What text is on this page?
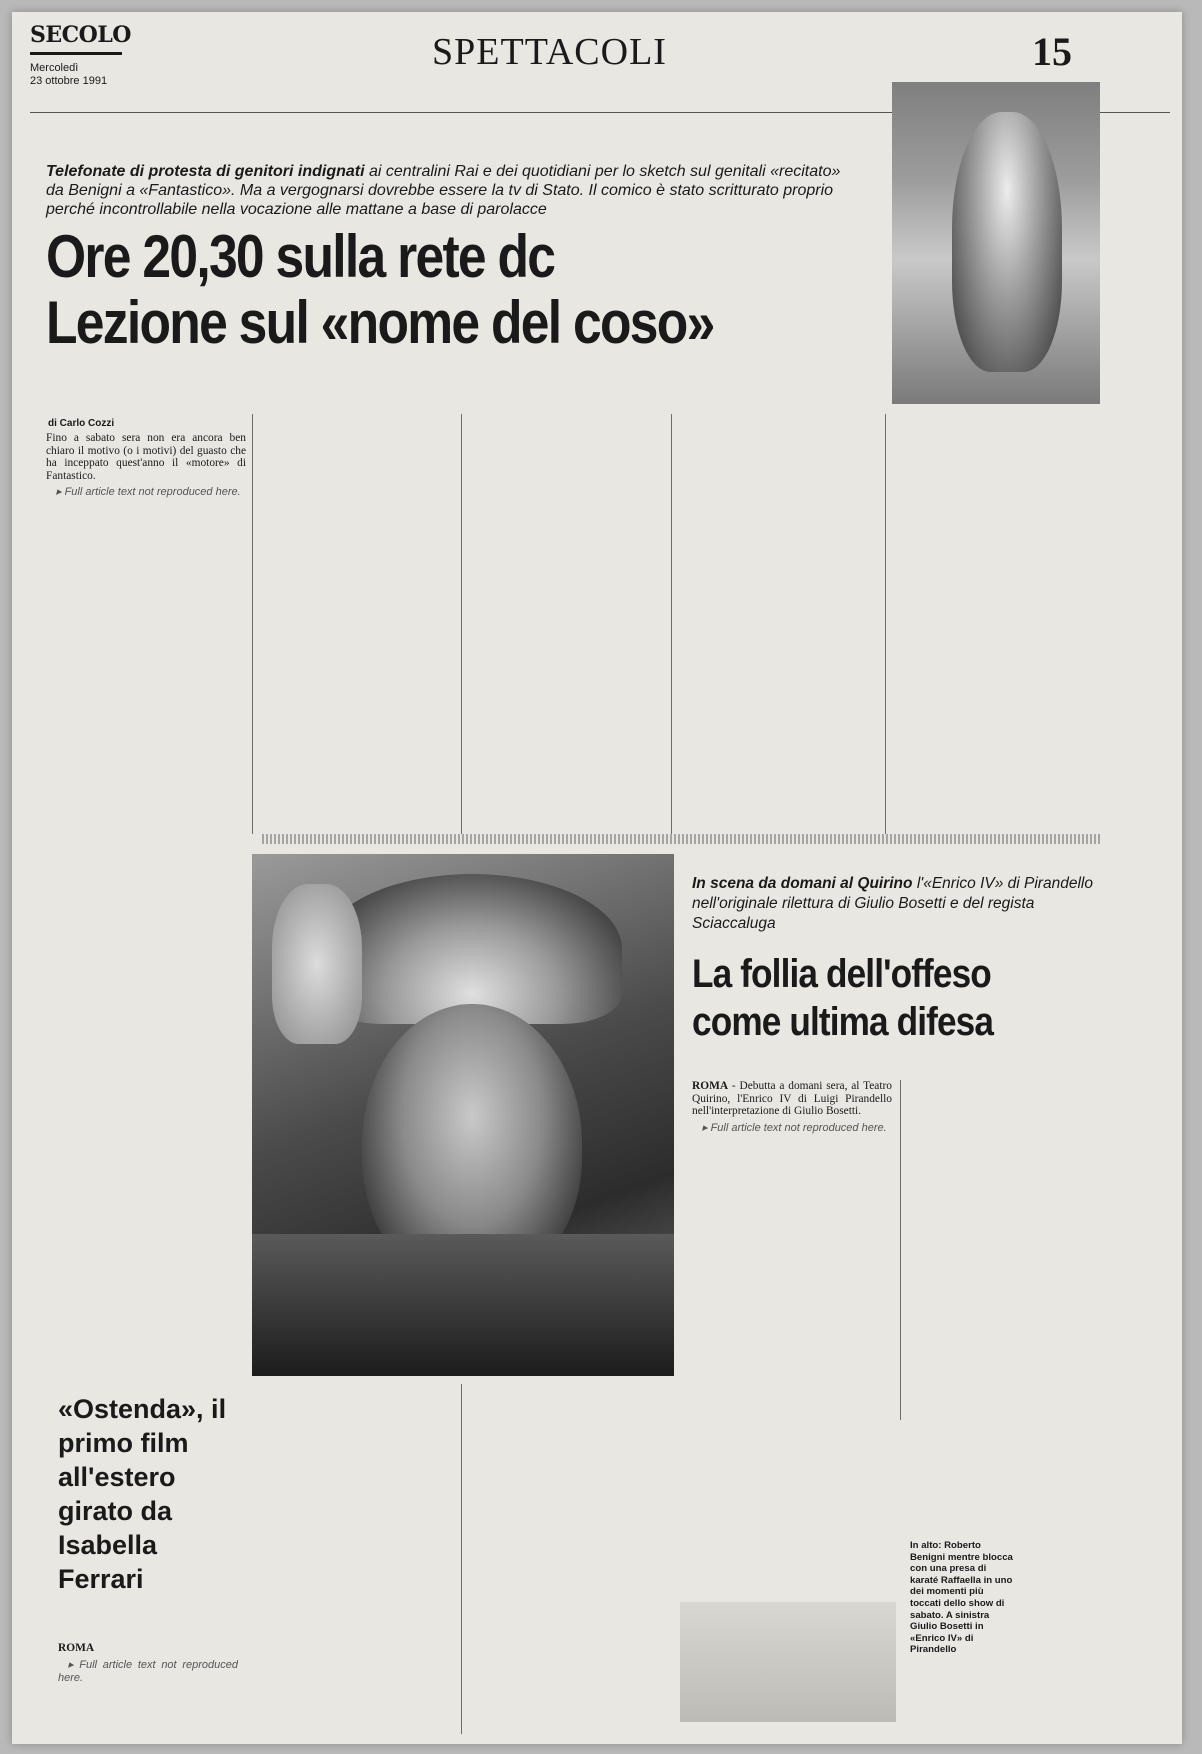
SECOLO
Mercoledì
23 ottobre 1991
SPETTACOLI	15
Telefonate di protesta di genitori indignati ai centralini Rai e dei quotidiani per lo sketch sul genitali «recitato» da Benigni a «Fantastico». Ma a vergognarsi dovrebbe essere la tv di Stato. Il comico è stato scritturato proprio perché incontrollabile nella vocazione alle mattane a base di parolacce
Ore 20,30 sulla rete dc
Lezione sul «nome del coso»
di Carlo Cozzi

Fino a sabato sera non era ancora ben chiaro il motivo (o i motivi) del guasto che ha inceppato quest'anno il «motore» di Fantastico.

▸ Full article text not reproduced here.

In scena da domani al Quirino l'«Enrico IV» di Pirandello nell'originale rilettura di Giulio Bosetti e del regista Sciaccaluga
La follia dell'offeso
come ultima difesa

ROMA - Debutta a domani sera, al Teatro Quirino, l'Enrico IV di Luigi Pirandello nell'interpretazione di Giulio Bosetti.

▸ Full article text not reproduced here.

«Ostenda», il primo film all'estero girato da Isabella Ferrari

ROMA

▸ Full article text not reproduced here.

In alto: Roberto Benigni mentre blocca con una presa di karaté Raffaella in uno dei momenti più toccati dello show di sabato. A sinistra Giulio Bosetti in «Enrico IV» di Pirandello
